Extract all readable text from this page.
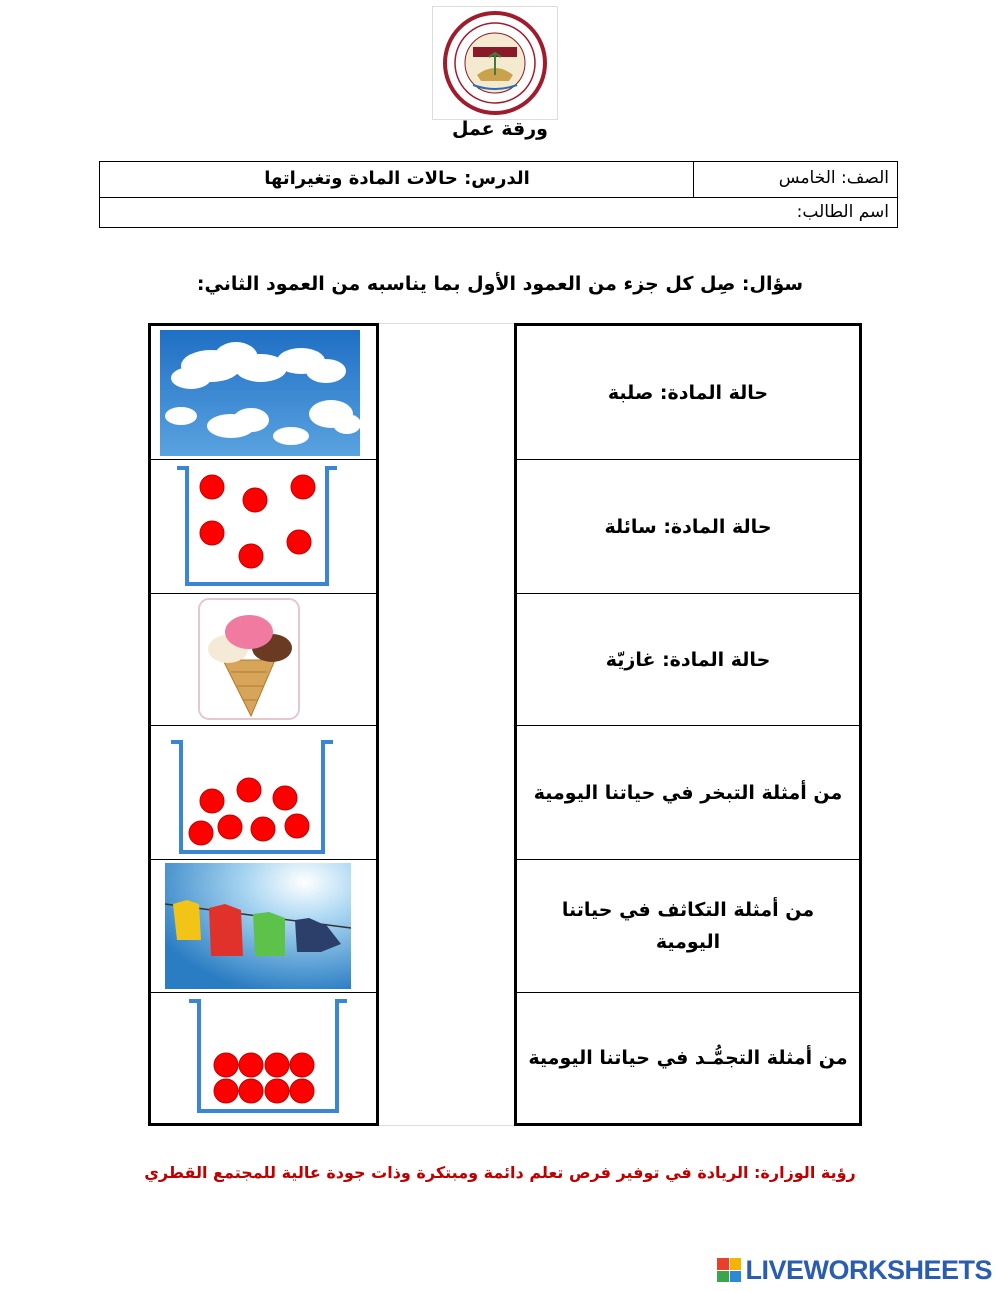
ورقة عمل
الصف: الخامس
الدرس: حالات المادة وتغيراتها
اسم الطالب:
سؤال: صِل كل جزء من العمود الأول بما يناسبه من العمود الثاني:
حالة المادة: صلبة
حالة المادة: سائلة
حالة المادة: غازيّة
من أمثلة التبخر في حياتنا اليومية
من أمثلة التكاثف في حياتنا اليومية
من أمثلة التجمُّـد في حياتنا اليومية
رؤية الوزارة: الريادة في توفير فرص تعلم دائمة ومبتكرة وذات جودة عالية للمجتمع القطري
LIVEWORKSHEETS
